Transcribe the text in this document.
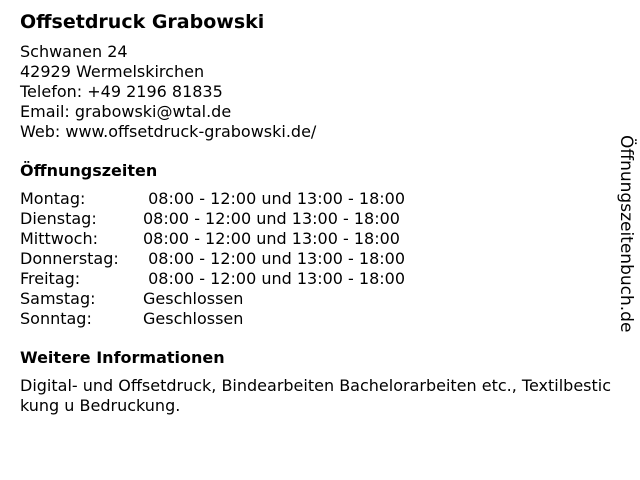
Offsetdruck Grabowski
Schwanen 24
42929 Wermelskirchen
Telefon: +49 2196 81835
Email: grabowski@wtal.de
Web: www.offsetdruck-grabowski.de/
Öffnungszeiten
Montag:	08:00 - 12:00 und 13:00 - 18:00
Dienstag:	08:00 - 12:00 und 13:00 - 18:00
Mittwoch:	08:00 - 12:00 und 13:00 - 18:00
Donnerstag:	08:00 - 12:00 und 13:00 - 18:00
Freitag:	08:00 - 12:00 und 13:00 - 18:00
Samstag:	Geschlossen
Sonntag:	Geschlossen
Weitere Informationen
Digital- und Offsetdruck, Bindearbeiten Bachelorarbeiten etc., Textilbestickung u Bedruckung.
Öffnungszeitenbuch.de
